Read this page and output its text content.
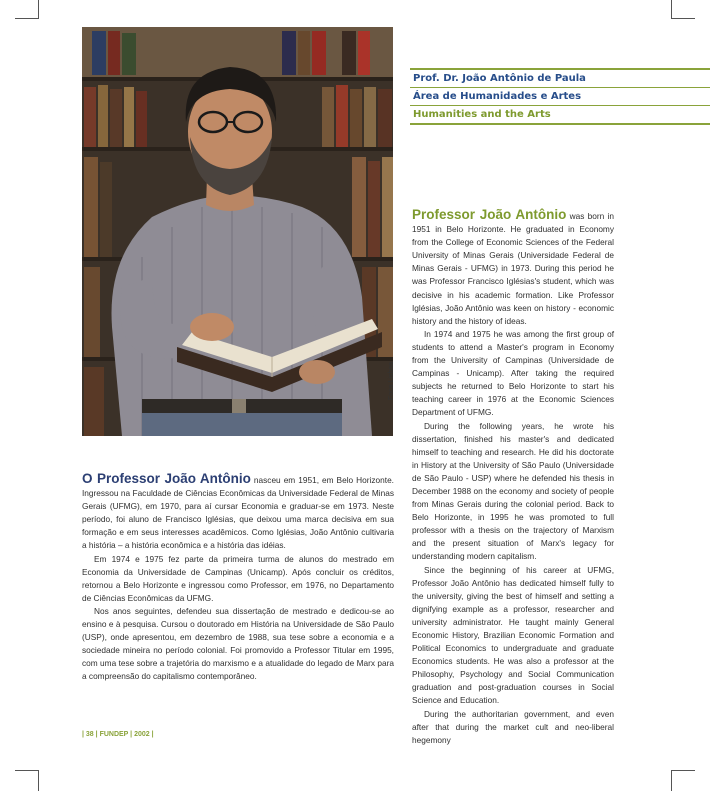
Foca Lisboa
Prof. Dr. João Antônio de Paula
Área de Humanidades e Artes
Humanities and the Arts

O Professor João Antônio nasceu em 1951, em Belo Horizonte. Ingressou na Faculdade de Ciências Econômicas da Universidade Federal de Minas Gerais (UFMG), em 1970, para aí cursar Economia e graduar-se em 1973. Neste período, foi aluno de Francisco Iglésias, que deixou uma marca decisiva em sua formação e em seus interesses acadêmicos. Como Iglésias, João Antônio cultivaria a história – a história econômica e a história das idéias.

Em 1974 e 1975 fez parte da primeira turma de alunos do mestrado em Economia da Universidade de Campinas (Unicamp). Após concluir os créditos, retornou a Belo Horizonte e ingressou como Professor, em 1976, no Departamento de Ciências Econômicas da UFMG.

Nos anos seguintes, defendeu sua dissertação de mestrado e dedicou-se ao ensino e à pesquisa. Cursou o doutorado em História na Universidade de São Paulo (USP), onde apresentou, em dezembro de 1988, sua tese sobre a economia e a sociedade mineira no período colonial. Foi promovido a Professor Titular em 1995, com uma tese sobre a trajetória do marxismo e a atualidade do legado de Marx para a compreensão do capitalismo contemporâneo.

Professor João Antônio was born in 1951 in Belo Horizonte. He graduated in Economy from the College of Economic Sciences of the Federal University of Minas Gerais (Universidade Federal de Minas Gerais - UFMG) in 1973. During this period he was Professor Francisco Iglésias's student, which was decisive in his academic formation. Like Professor Iglésias, João Antônio was keen on history - economic history and the history of ideas.

In 1974 and 1975 he was among the first group of students to attend a Master's program in Economy from the University of Campinas (Universidade de Campinas - Unicamp). After taking the required subjects he returned to Belo Horizonte to start his teaching career in 1976 at the Economic Sciences Department of UFMG.

During the following years, he wrote his dissertation, finished his master's and dedicated himself to teaching and research. He did his doctorate in History at the University of São Paulo (Universidade de São Paulo - USP) where he defended his thesis in December 1988 on the economy and society of people from Minas Gerais during the colonial period. Back to Belo Horizonte, in 1995 he was promoted to full professor with a thesis on the trajectory of Marxism and the present situation of Marx's legacy for understanding modern capitalism.

Since the beginning of his career at UFMG, Professor João Antônio has dedicated himself fully to the university, giving the best of himself and setting a dignifying example as a professor, researcher and university administrator. He taught mainly General Economic History, Brazilian Economic Formation and Political Economics to undergraduate and graduate Economics students. He was also a professor at the Philosophy, Psychology and Social Communication graduation and post-graduation courses in Social Science and Education.

During the authoritarian government, and even after that during the market cult and neo-liberal hegemony

| 38 | FUNDEP | 2002 |
